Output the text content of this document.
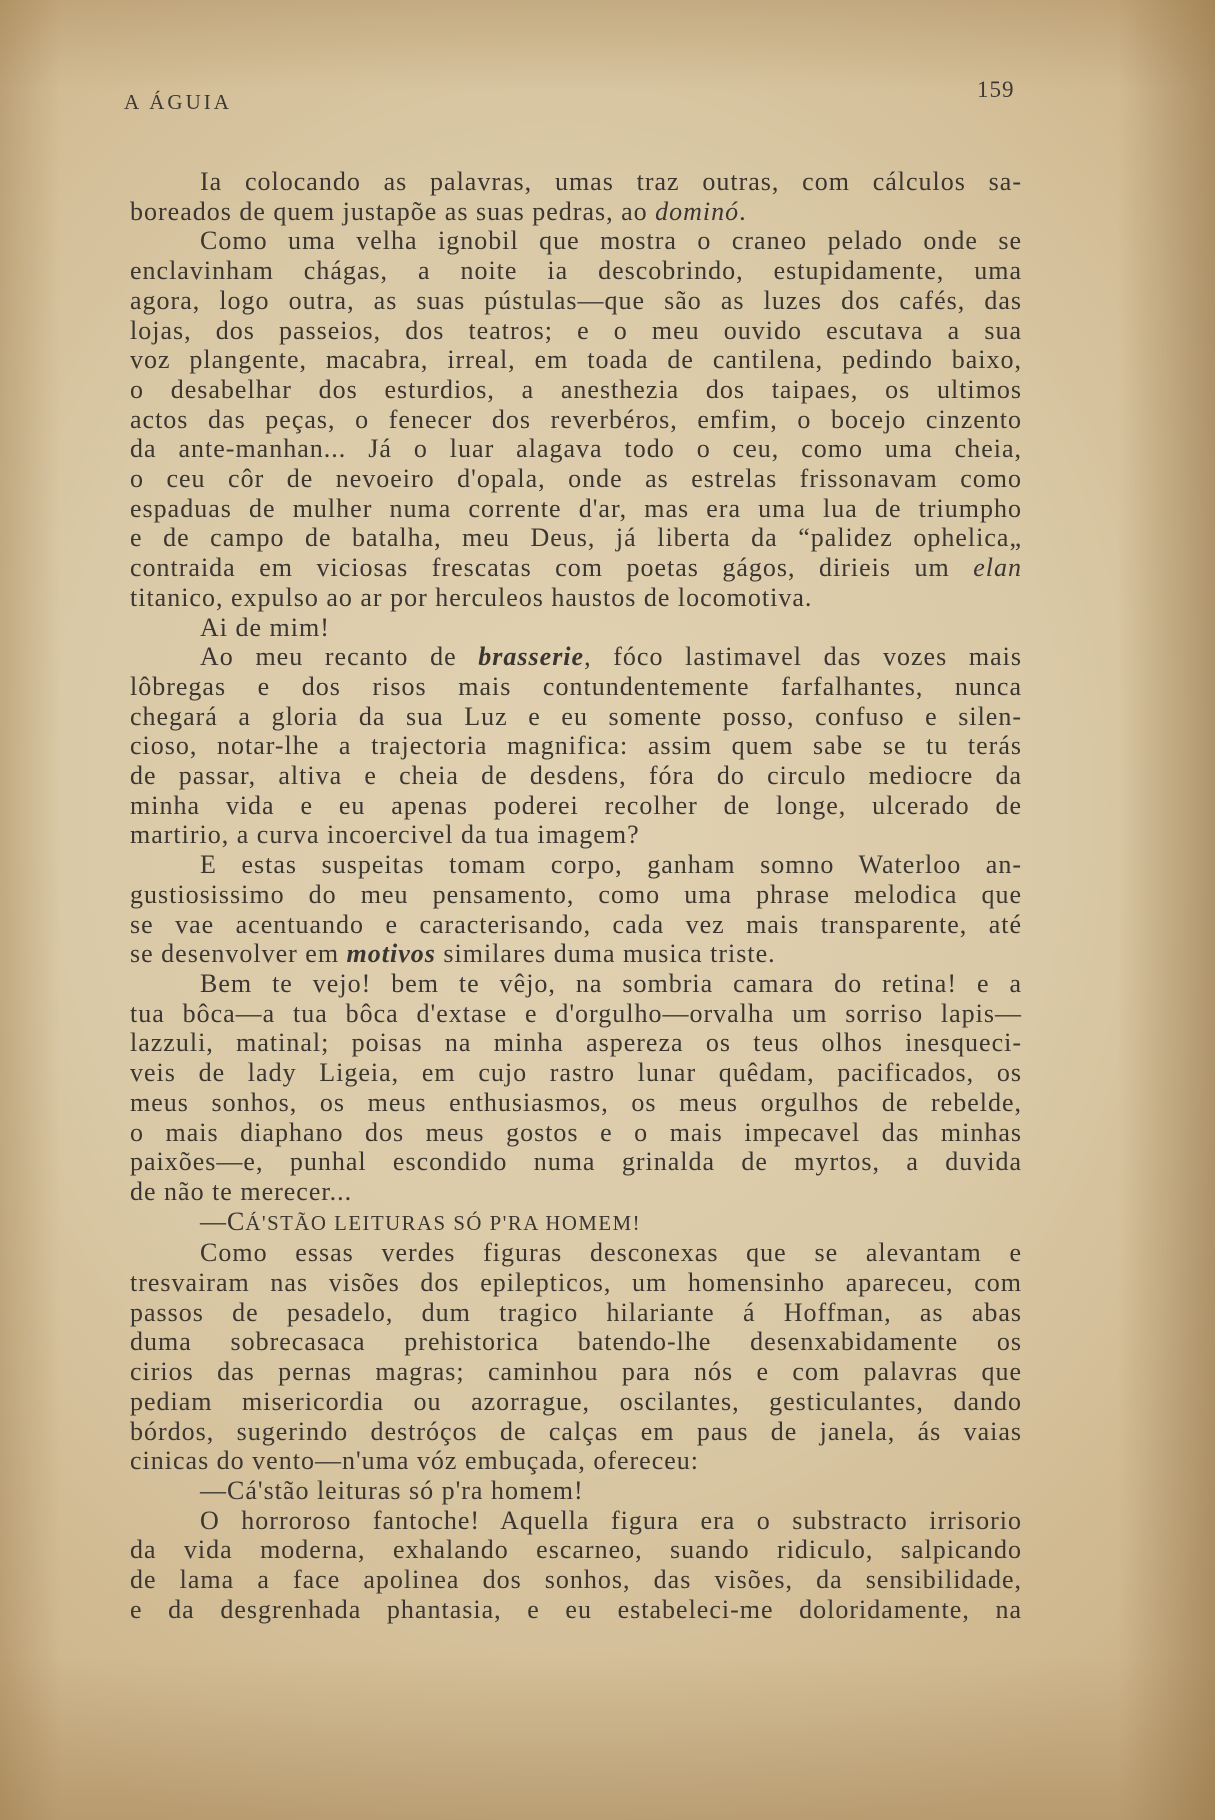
A ÁGUIA	159
Ia colocando as palavras, umas traz outras, com cálculos sa-
boreados de quem justapõe as suas pedras, ao dominó.
Como uma velha ignobil que mostra o craneo pelado onde se
enclavinham chágas, a noite ia descobrindo, estupidamente, uma
agora, logo outra, as suas pústulas—que são as luzes dos cafés, das
lojas, dos passeios, dos teatros; e o meu ouvido escutava a sua
voz plangente, macabra, irreal, em toada de cantilena, pedindo baixo,
o desabelhar dos esturdios, a anesthezia dos taipaes, os ultimos
actos das peças, o fenecer dos reverbéros, emfim, o bocejo cinzento
da ante-manhan... Já o luar alagava todo o ceu, como uma cheia,
o ceu côr de nevoeiro d'opala, onde as estrelas frissonavam como
espaduas de mulher numa corrente d'ar, mas era uma lua de triumpho
e de campo de batalha, meu Deus, já liberta da “palidez ophelica„
contraida em viciosas frescatas com poetas gágos, dirieis um elan
titanico, expulso ao ar por herculeos haustos de locomotiva.
Ai de mim!
Ao meu recanto de brasserie, fóco lastimavel das vozes mais
lôbregas e dos risos mais contundentemente farfalhantes, nunca
chegará a gloria da sua Luz e eu somente posso, confuso e silen-
cioso, notar-lhe a trajectoria magnifica: assim quem sabe se tu terás
de passar, altiva e cheia de desdens, fóra do circulo mediocre da
minha vida e eu apenas poderei recolher de longe, ulcerado de
martirio, a curva incoercivel da tua imagem?
E estas suspeitas tomam corpo, ganham somno Waterloo an-
gustiosissimo do meu pensamento, como uma phrase melodica que
se vae acentuando e caracterisando, cada vez mais transparente, até
se desenvolver em motivos similares duma musica triste.
Bem te vejo! bem te vêjo, na sombria camara do retina! e a
tua bôca—a tua bôca d'extase e d'orgulho—orvalha um sorriso lapis—
lazzuli, matinal; poisas na minha aspereza os teus olhos inesqueci-
veis de lady Ligeia, em cujo rastro lunar quêdam, pacificados, os
meus sonhos, os meus enthusiasmos, os meus orgulhos de rebelde,
o mais diaphano dos meus gostos e o mais impecavel das minhas
paixões—e, punhal escondido numa grinalda de myrtos, a duvida
de não te merecer...
—CÁ'STÃO LEITURAS SÓ P'RA HOMEM!
Como essas verdes figuras desconexas que se alevantam e
tresvairam nas visões dos epilepticos, um homensinho apareceu, com
passos de pesadelo, dum tragico hilariante á Hoffman, as abas
duma sobrecasaca prehistorica batendo-lhe desenxabidamente os
cirios das pernas magras; caminhou para nós e com palavras que
pediam misericordia ou azorrague, oscilantes, gesticulantes, dando
bórdos, sugerindo destróços de calças em paus de janela, ás vaias
cinicas do vento—n'uma vóz embuçada, ofereceu:
—Cá'stão leituras só p'ra homem!
O horroroso fantoche! Aquella figura era o substracto irrisorio
da vida moderna, exhalando escarneo, suando ridiculo, salpicando
de lama a face apolinea dos sonhos, das visões, da sensibilidade,
e da desgrenhada phantasia, e eu estabeleci-me doloridamente, na
